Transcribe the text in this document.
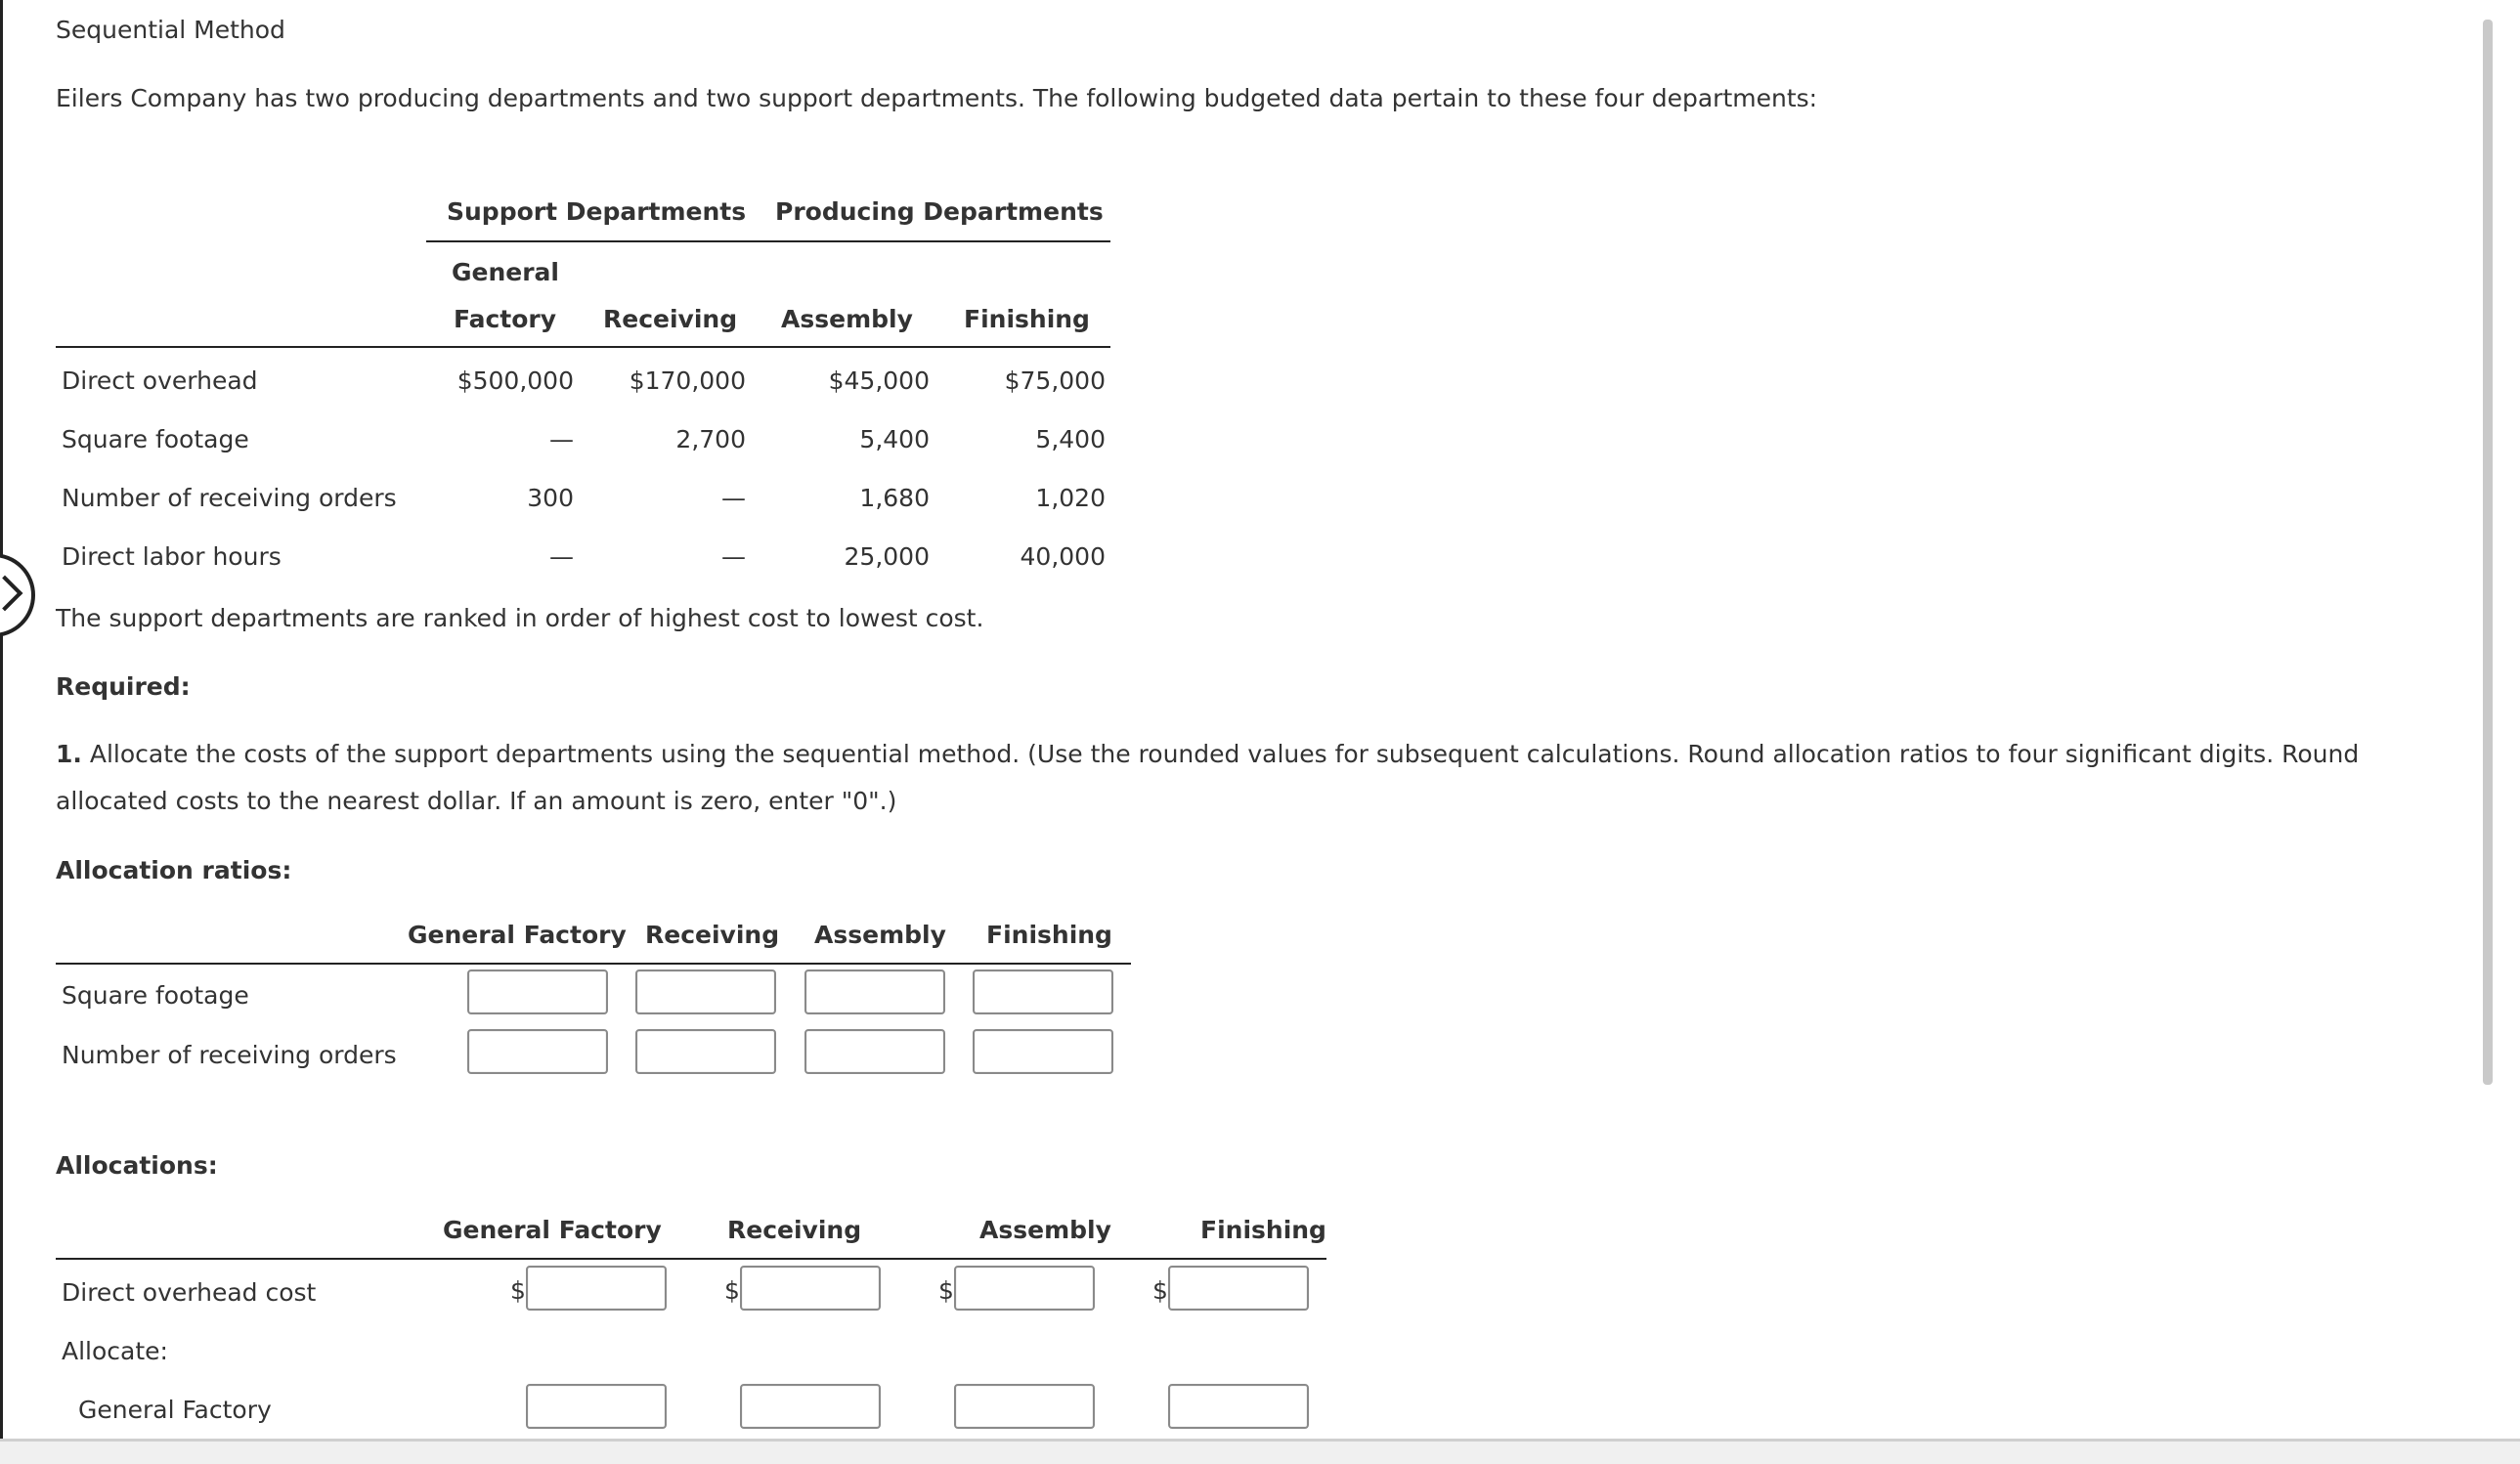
Sequential Method
Eilers Company has two producing departments and two support departments. The following budgeted data pertain to these four departments:
Support Departments Producing Departments
General
Factory Receiving Assembly Finishing
Direct overhead	$500,000	$170,000	$45,000	$75,000
Square footage	—	2,700	5,400	5,400
Number of receiving orders	300	—	1,680	1,020
Direct labor hours	—	—	25,000	40,000
The support departments are ranked in order of highest cost to lowest cost.
Required:
1. Allocate the costs of the support departments using the sequential method. (Use the rounded values for subsequent calculations. Round allocation ratios to four significant digits. Round allocated costs to the nearest dollar. If an amount is zero, enter "0".)
Allocation ratios:
General Factory Receiving Assembly Finishing
Square footage
Number of receiving orders
Allocations:
General Factory	Receiving	Assembly	Finishing
Direct overhead cost	$	$	$	$
Allocate:
General Factory
